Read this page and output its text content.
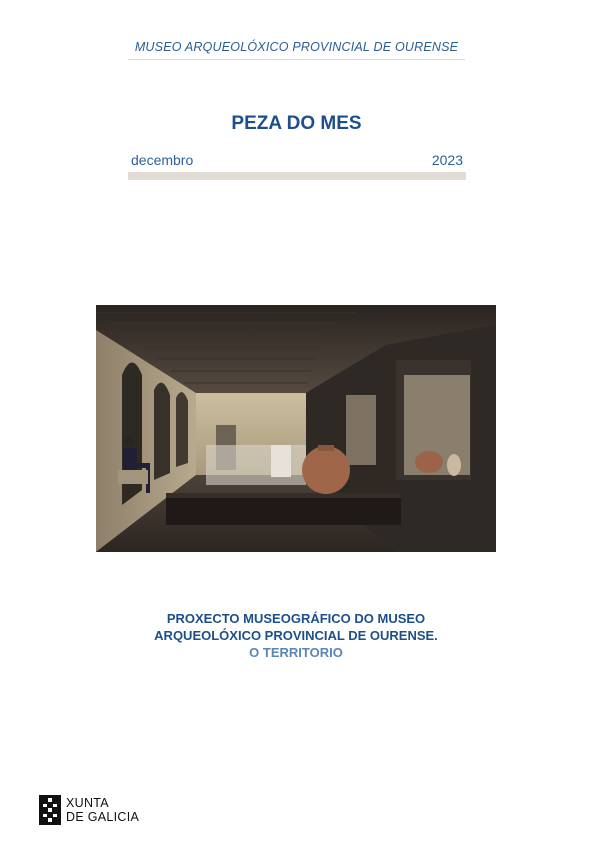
MUSEO ARQUEOLÓXICO PROVINCIAL DE OURENSE
PEZA DO MES
decembro	2023
PROXECTO MUSEOGRÁFICO DO MUSEO
ARQUEOLÓXICO PROVINCIAL DE OURENSE.
O TERRITORIO
XUNTA
DE GALICIA
